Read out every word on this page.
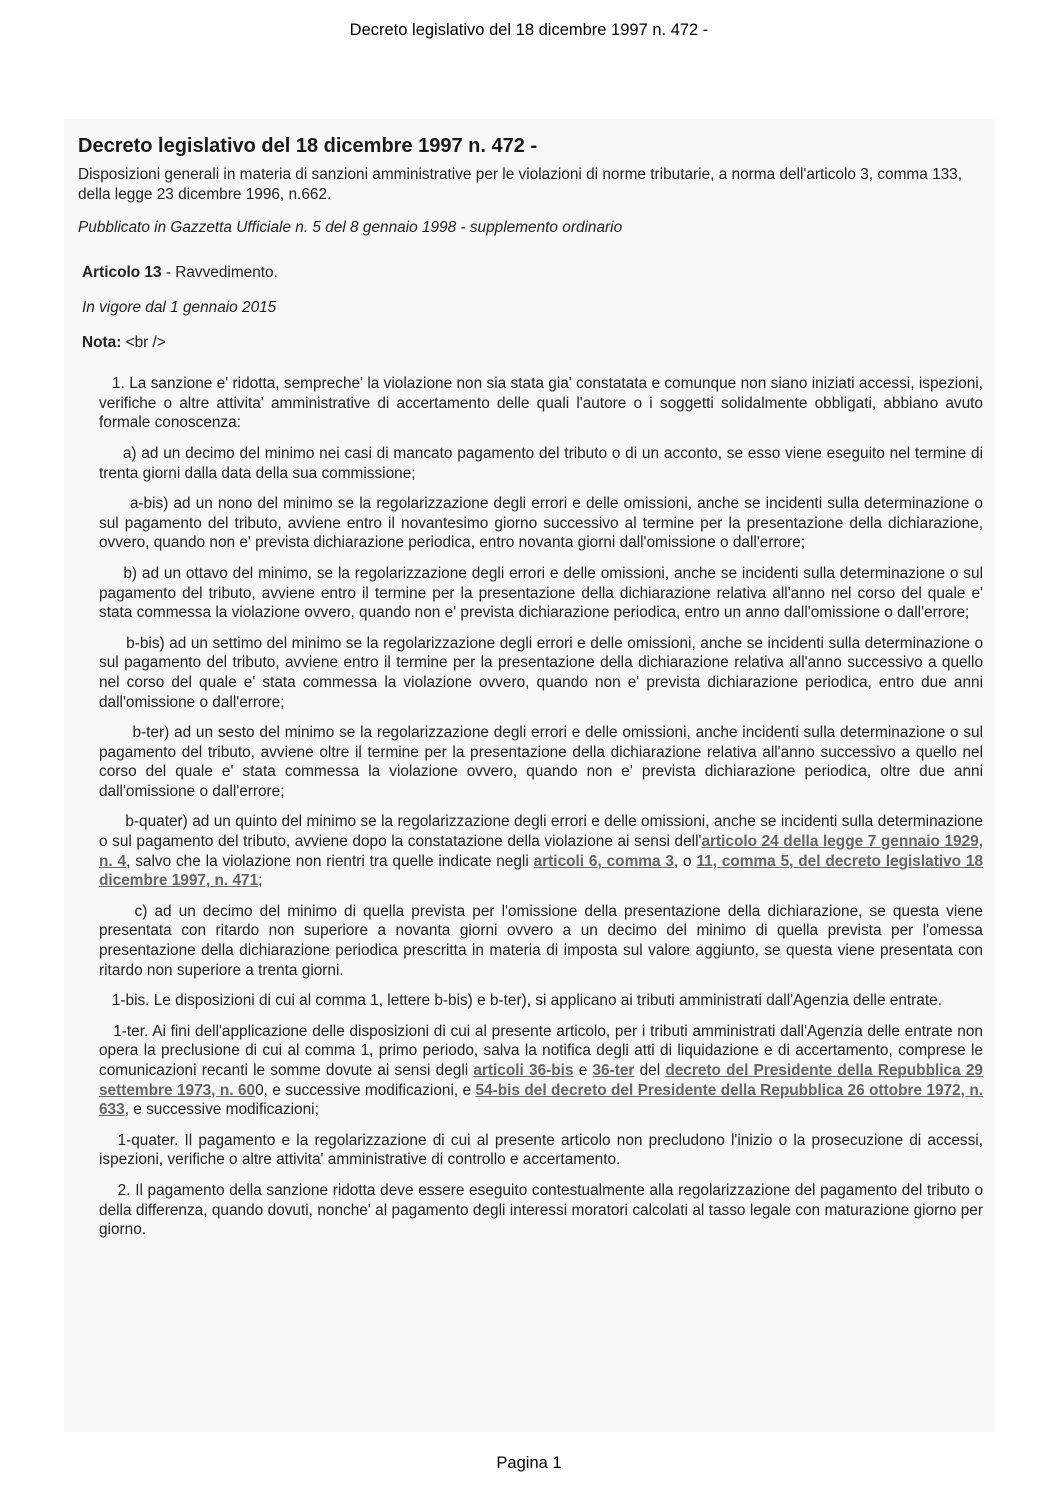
Decreto legislativo del 18 dicembre 1997 n. 472 -
Decreto legislativo del 18 dicembre 1997 n. 472 -
Disposizioni generali in materia di sanzioni amministrative per le violazioni di norme tributarie, a norma dell'articolo 3, comma 133, della legge 23 dicembre 1996, n.662.
Pubblicato in Gazzetta Ufficiale n. 5 del 8 gennaio 1998 - supplemento ordinario
Articolo 13 - Ravvedimento.
In vigore dal 1 gennaio 2015
Nota: <br />
1. La sanzione e' ridotta, sempreche' la violazione non sia stata gia' constatata e comunque non siano iniziati accessi, ispezioni, verifiche o altre attivita' amministrative di accertamento delle quali l'autore o i soggetti solidalmente obbligati, abbiano avuto formale conoscenza:
a) ad un decimo del minimo nei casi di mancato pagamento del tributo o di un acconto, se esso viene eseguito nel termine di trenta giorni dalla data della sua commissione;
a-bis) ad un nono del minimo se la regolarizzazione degli errori e delle omissioni, anche se incidenti sulla determinazione o sul pagamento del tributo, avviene entro il novantesimo giorno successivo al termine per la presentazione della dichiarazione, ovvero, quando non e' prevista dichiarazione periodica, entro novanta giorni dall'omissione o dall'errore;
b) ad un ottavo del minimo, se la regolarizzazione degli errori e delle omissioni, anche se incidenti sulla determinazione o sul pagamento del tributo, avviene entro il termine per la presentazione della dichiarazione relativa all'anno nel corso del quale e' stata commessa la violazione ovvero, quando non e' prevista dichiarazione periodica, entro un anno dall'omissione o dall'errore;
b-bis) ad un settimo del minimo se la regolarizzazione degli errori e delle omissioni, anche se incidenti sulla determinazione o sul pagamento del tributo, avviene entro il termine per la presentazione della dichiarazione relativa all'anno successivo a quello nel corso del quale e' stata commessa la violazione ovvero, quando non e' prevista dichiarazione periodica, entro due anni dall'omissione o dall'errore;
b-ter) ad un sesto del minimo se la regolarizzazione degli errori e delle omissioni, anche incidenti sulla determinazione o sul pagamento del tributo, avviene oltre il termine per la presentazione della dichiarazione relativa all'anno successivo a quello nel corso del quale e' stata commessa la violazione ovvero, quando non e' prevista dichiarazione periodica, oltre due anni dall'omissione o dall'errore;
b-quater) ad un quinto del minimo se la regolarizzazione degli errori e delle omissioni, anche se incidenti sulla determinazione o sul pagamento del tributo, avviene dopo la constatazione della violazione ai sensi dell'articolo 24 della legge 7 gennaio 1929, n. 4, salvo che la violazione non rientri tra quelle indicate negli articoli 6, comma 3, o 11, comma 5, del decreto legislativo 18 dicembre 1997, n. 471;
c) ad un decimo del minimo di quella prevista per l'omissione della presentazione della dichiarazione, se questa viene presentata con ritardo non superiore a novanta giorni ovvero a un decimo del minimo di quella prevista per l'omessa presentazione della dichiarazione periodica prescritta in materia di imposta sul valore aggiunto, se questa viene presentata con ritardo non superiore a trenta giorni.
1-bis. Le disposizioni di cui al comma 1, lettere b-bis) e b-ter), si applicano ai tributi amministrati dall'Agenzia delle entrate.
1-ter. Ai fini dell'applicazione delle disposizioni di cui al presente articolo, per i tributi amministrati dall'Agenzia delle entrate non opera la preclusione di cui al comma 1, primo periodo, salva la notifica degli atti di liquidazione e di accertamento, comprese le comunicazioni recanti le somme dovute ai sensi degli articoli 36-bis e 36-ter del decreto del Presidente della Repubblica 29 settembre 1973, n. 600, e successive modificazioni, e 54-bis del decreto del Presidente della Repubblica 26 ottobre 1972, n. 633, e successive modificazioni;
1-quater. Il pagamento e la regolarizzazione di cui al presente articolo non precludono l'inizio o la prosecuzione di accessi, ispezioni, verifiche o altre attivita' amministrative di controllo e accertamento.
2. Il pagamento della sanzione ridotta deve essere eseguito contestualmente alla regolarizzazione del pagamento del tributo o della differenza, quando dovuti, nonche' al pagamento degli interessi moratori calcolati al tasso legale con maturazione giorno per giorno.
Pagina 1
